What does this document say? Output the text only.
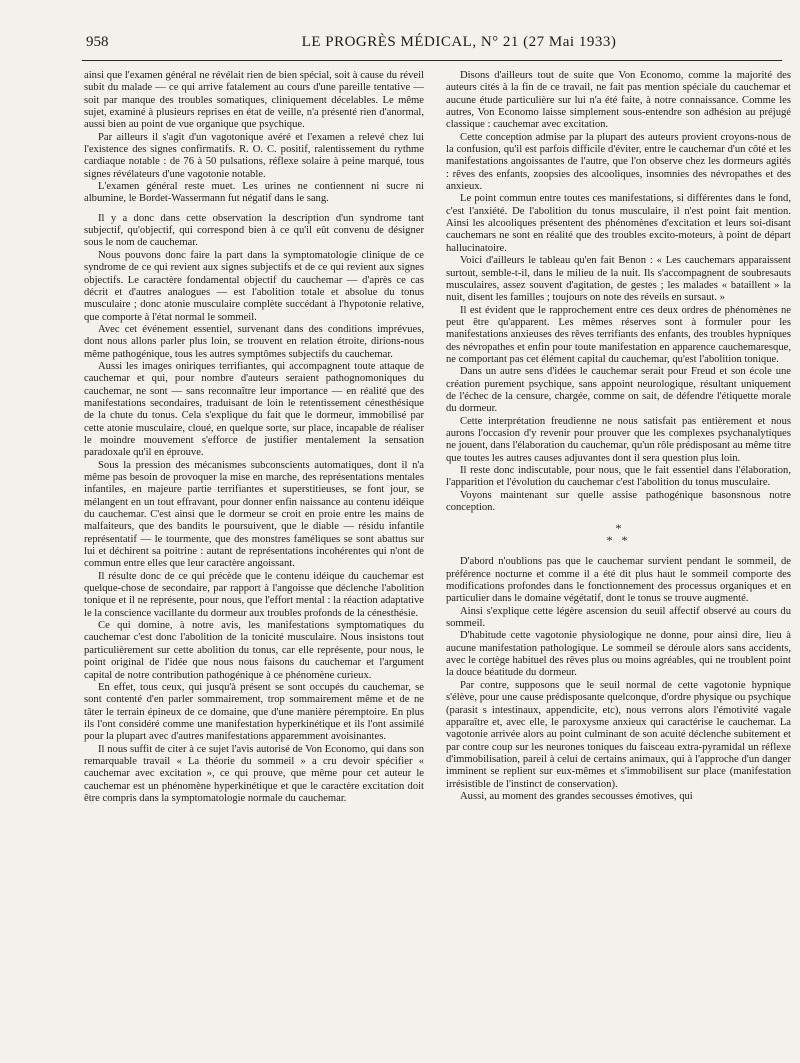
958	LE PROGRÈS MÉDICAL, N° 21 (27 Mai 1933)

ainsi que l'examen général ne révélait rien de bien spécial, soit à cause du réveil subit du malade — ce qui arrive fatalement au cours d'une pareille tentative — soit par manque des troubles somatiques, cliniquement décelables. Le même sujet, examiné à plusieurs reprises en état de veille, n'a présenté rien d'anormal, aussi bien au point de vue organique que psychique.

Par ailleurs il s'agit d'un vagotonique avéré et l'examen a relevé chez lui l'existence des signes confirmatifs. R. O. C. positif, ralentissement du rythme cardiaque notable : de 76 à 50 pulsations, réflexe solaire à peine marqué, tous signes révélateurs d'une vagotonie notable.

L'examen général reste muet. Les urines ne contiennent ni sucre ni albumine, le Bordet-Wassermann fut négatif dans le sang.

Il y a donc dans cette observation la description d'un syndrome tant subjectif, qu'objectif, qui correspond bien à ce qu'il eût convenu de désigner sous le nom de cauchemar.

Nous pouvons donc faire la part dans la symptomatologie clinique de ce syndrome de ce qui revient aux signes subjectifs et de ce qui revient aux signes objectifs. Le caractère fondamental objectif du cauchemar — d'après ce cas décrit et d'autres analogues — est l'abolition totale et absolue du tonus musculaire ; donc atonie musculaire complète succédant à l'hypotonie relative, que comporte à l'état normal le sommeil.

Avec cet événement essentiel, survenant dans des conditions imprévues, dont nous allons parler plus loin, se trouvent en relation étroite, dirions-nous même pathogénique, tous les autres symptômes subjectifs du cauchemar.

Aussi les images oniriques terrifiantes, qui accompagnent toute attaque de cauchemar et qui, pour nombre d'auteurs seraient pathognomoniques du cauchemar, ne sont — sans reconnaître leur importance — en réalité que des manifestations secondaires, traduisant de loin le retentissement cénesthésique de la chute du tonus. Cela s'explique du fait que le dormeur, immobilisé par cette atonie musculaire, cloué, en quelque sorte, sur place, incapable de réaliser le moindre mouvement s'efforce de justifier mentalement la sensation paradoxale qu'il en éprouve.

Sous la pression des mécanismes subconscients automatiques, dont il n'a même pas besoin de provoquer la mise en marche, des représentations mentales infantiles, en majeure partie terrifiantes et superstitieuses, se font jour, se mélangent en un tout effravant, pour donner enfin naissance au contenu idéique du cauchemar. C'est ainsi que le dormeur se croit en proie entre les mains de malfaiteurs, que des bandits le poursuivent, que le diable — résidu infantile représentatif — le tourmente, que des monstres faméliques se sont abattus sur lui et déchirent sa poitrine : autant de représentations incohérentes qui n'ont de commun entre elles que leur caractère angoissant.

Il résulte donc de ce qui précède que le contenu idéique du cauchemar est quelque-chose de secondaire, par rapport à l'angoisse que déclenche l'abolition tonique et il ne représente, pour nous, que l'effort mental : la réaction adaptative le la conscience vacillante du dormeur aux troubles profonds de la cénesthésie.

Ce qui domine, à notre avis, les manifestations symptomatiques du cauchemar c'est donc l'abolition de la tonicité musculaire. Nous insistons tout particulièrement sur cette abolition du tonus, car elle représente, pour nous, le point original de l'idée que nous nous faisons du cauchemar et l'argument capital de notre contribution pathogénique à ce phénomène curieux.

En effet, tous ceux, qui jusqu'à présent se sont occupés du cauchemar, se sont contenté d'en parler sommairement, trop sommairement même et de ne tâter le terrain épineux de ce domaine, que d'une manière péremptoire. En plus ils l'ont considéré comme une manifestation hyperkinétique et ils l'ont assimilé pour la plupart avec d'autres manifestations apparemment avoisinantes.

Il nous suffit de citer à ce sujet l'avis autorisé de Von Economo, qui dans son remarquable travail « La théorie du sommeil » a cru devoir spécifier « cauchemar avec excitation », ce qui prouve, que même pour cet auteur le cauchemar est un phénomène hyperkinétique et que le caractère excitation doit être compris dans la symptomatologie normale du cauchemar.

Disons d'ailleurs tout de suite que Von Economo, comme la majorité des auteurs cités à la fin de ce travail, ne fait pas mention spéciale du cauchemar et aucune étude particulière sur lui n'a été faite, à notre connaissance. Comme les autres, Von Economo laisse simplement sous-entendre son adhésion au préjugé classique : cauchemar avec excitation.

Cette conception admise par la plupart des auteurs provient croyons-nous de la confusion, qu'il est parfois difficile d'éviter, entre le cauchemar d'un côté et les manifestations angoissantes de l'autre, que l'on observe chez les dormeurs agités : rêves des enfants, zoopsies des alcooliques, insomnies des névropathes et des anxieux.

Le point commun entre toutes ces manifestations, si différentes dans le fond, c'est l'anxiété. De l'abolition du tonus musculaire, il n'est point fait mention. Ainsi les alcooliques présentent des phénomènes d'excitation et leurs soi-disant cauchemars ne sont en réalité que des troubles excito-moteurs, à point de départ hallucinatoire.

Voici d'ailleurs le tableau qu'en fait Benon : « Les cauchemars apparaissent surtout, semble-t-il, dans le milieu de la nuit. Ils s'accompagnent de soubresauts musculaires, assez souvent d'agitation, de gestes ; les malades « bataillent » la nuit, disent les familles ; toujours on note des réveils en sursaut. »

Il est évident que le rapprochement entre ces deux ordres de phénomènes ne peut être qu'apparent. Les mêmes réserves sont à formuler pour les manifestations anxieuses des rêves terrifiants des enfants, des troubles hypniques des névropathes et enfin pour toute manifestation en apparence cauchemaresque, ne comportant pas cet élément capital du cauchemar, qu'est l'abolition tonique.

Dans un autre sens d'idées le cauchemar serait pour Freud et son école une création purement psychique, sans appoint neurologique, résultant uniquement de l'échec de la censure, chargée, comme on sait, de défendre l'étiquette morale du dormeur.

Cette interprétation freudienne ne nous satisfait pas entièrement et nous aurons l'occasion d'y revenir pour prouver que les complexes psychanalytiques ne jouent, dans l'élaboration du cauchemar, qu'un rôle prédisposant au même titre que toutes les autres causes adjuvantes dont il sera question plus loin.

Il reste donc indiscutable, pour nous, que le fait essentiel dans l'élaboration, l'apparition et l'évolution du cauchemar c'est l'abolition du tonus musculaire.

Voyons maintenant sur quelle assise pathogénique basonsnous notre conception.

*
* *

D'abord n'oublions pas que le cauchemar survient pendant le sommeil, de préférence nocturne et comme il a été dit plus haut le sommeil comporte des modifications profondes dans le fonctionnement des processus organiques et en particulier dans le domaine végétatif, dont le tonus se trouve augmenté.

Ainsi s'explique cette légère ascension du seuil affectif observé au cours du sommeil.

D'habitude cette vagotonie physiologique ne donne, pour ainsi dire, lieu à aucune manifestation pathologique. Le sommeil se déroule alors sans accidents, avec le cortège habituel des rêves plus ou moins agréables, qui ne troublent point la douce béatitude du dormeur.

Par contre, supposons que le seuil normal de cette vagotonie hypnique s'élève, pour une cause prédisposante quelconque, d'ordre physique ou psychique (parasit s intestinaux, appendicite, etc), nous verrons alors l'émotivité vagale apparaître et, avec elle, le paroxysme anxieux qui caractérise le cauchemar. La vagotonie arrivée alors au point culminant de son acuité déclenche subitement et par contre coup sur les neurones toniques du faisceau extra-pyramidal un réflexe d'immobilisation, pareil à celui de certains animaux, qui à l'approche d'un danger imminent se replient sur eux-mêmes et s'immobilisent sur place (manifestation irrésistible de l'instinct de conservation).

Aussi, au moment des grandes secousses émotives, qui
